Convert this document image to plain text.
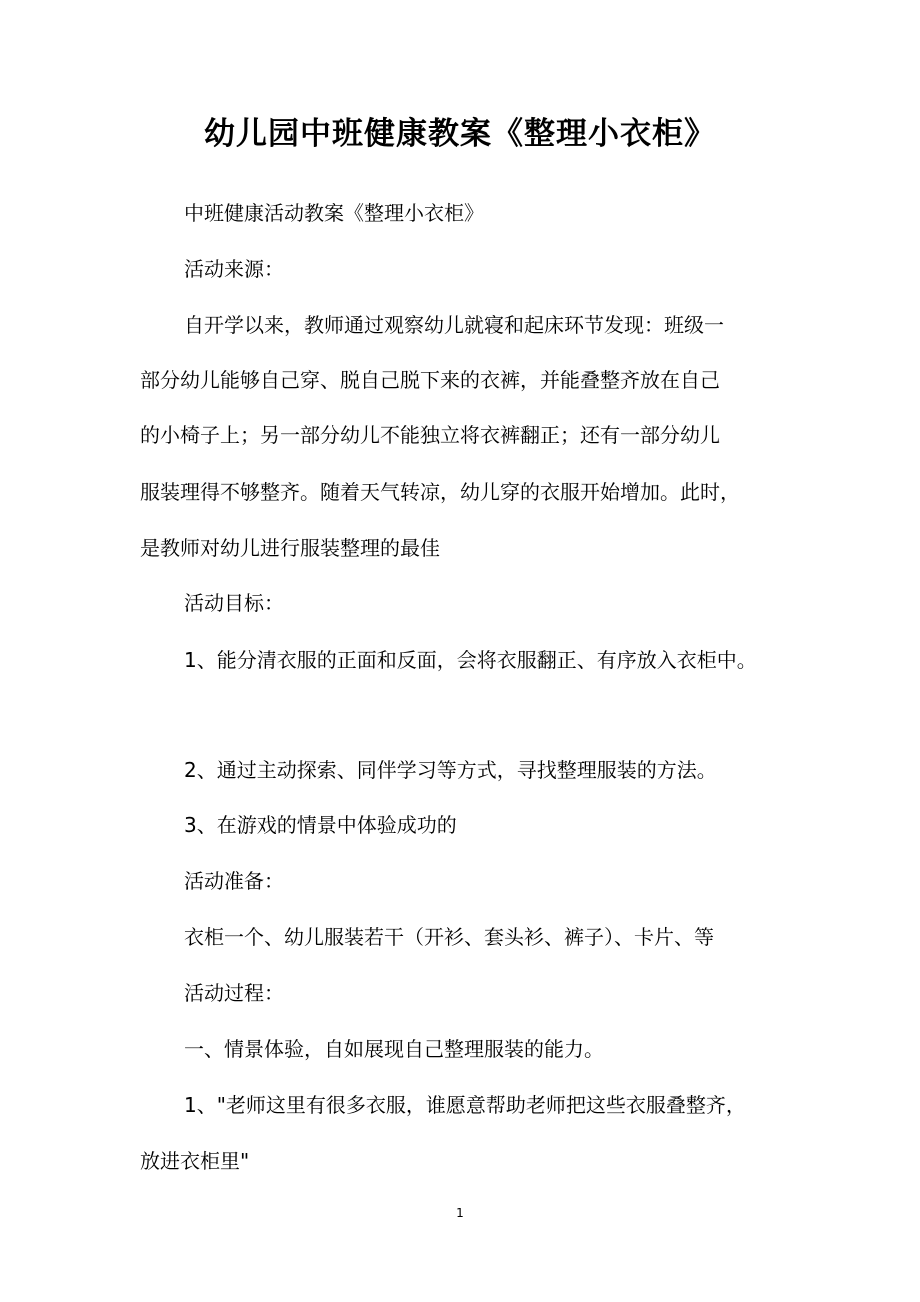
幼儿园中班健康教案《整理小衣柜》
中班健康活动教案《整理小衣柜》
活动来源：
自开学以来，教师通过观察幼儿就寝和起床环节发现：班级一
部分幼儿能够自己穿、脱自己脱下来的衣裤，并能叠整齐放在自己
的小椅子上；另一部分幼儿不能独立将衣裤翻正；还有一部分幼儿
服装理得不够整齐。随着天气转凉，幼儿穿的衣服开始增加。此时，
是教师对幼儿进行服装整理的最佳
活动目标：
1、能分清衣服的正面和反面，会将衣服翻正、有序放入衣柜中。
2、通过主动探索、同伴学习等方式，寻找整理服装的方法。
3、在游戏的情景中体验成功的
活动准备：
衣柜一个、幼儿服装若干（开衫、套头衫、裤子）、卡片、等
活动过程：
一、情景体验，自如展现自己整理服装的能力。
1、"老师这里有很多衣服，谁愿意帮助老师把这些衣服叠整齐，
放进衣柜里"
1
